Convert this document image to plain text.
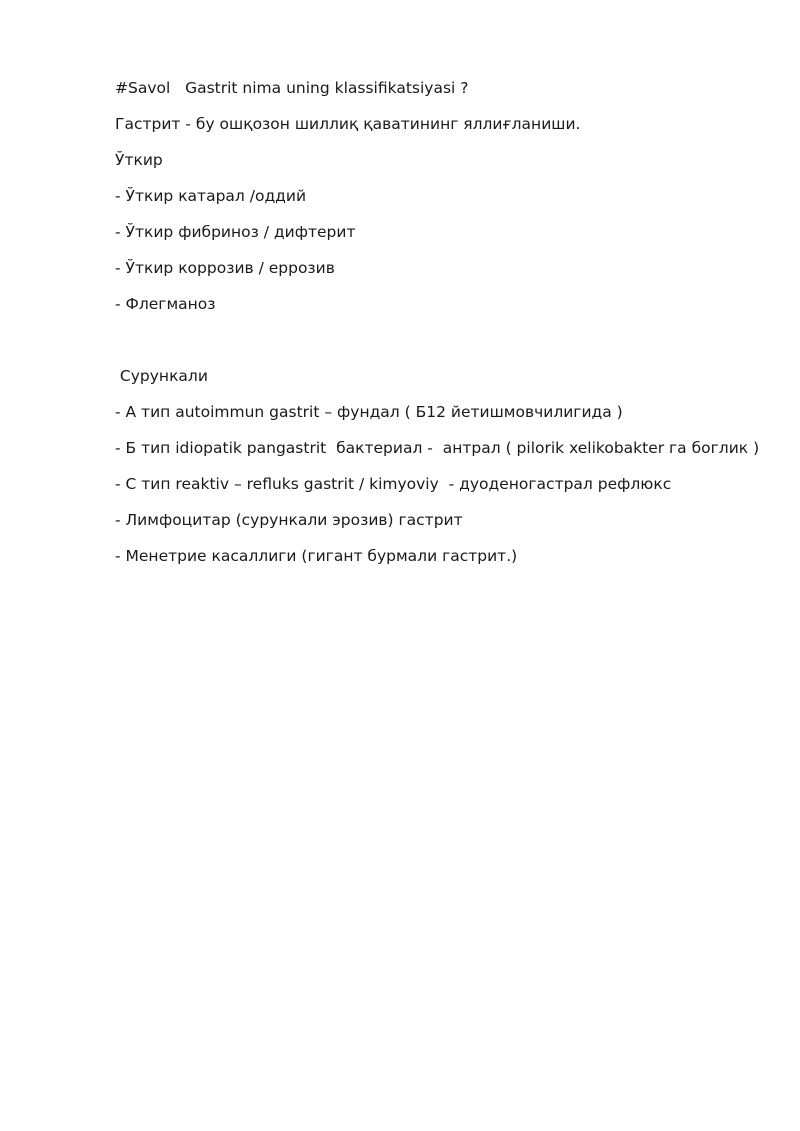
#Savol   Gastrit nima uning klassifikatsiyasi ?

Гастрит - бу ошқозон шиллиқ қаватининг яллиғланиши.

Ўткир

- Ўткир катарал /оддий

- Ўткир фибриноз / дифтерит

- Ўткир коррозив / еррозив

- Флегманоз

Сурункали

- А тип autoimmun gastrit – фундал ( Б12 йетишмовчилигида )

- Б тип idiopatik pangastrit  бактериал -  антрал ( pilorik xelikobakter га боглик )

- С тип reaktiv – refluks gastrit / kimyoviy  - дуоденогастрал рефлюкс

- Лимфоцитар (сурункали эрозив) гастрит

- Менетрие касаллиги (гигант бурмали гастрит.)
